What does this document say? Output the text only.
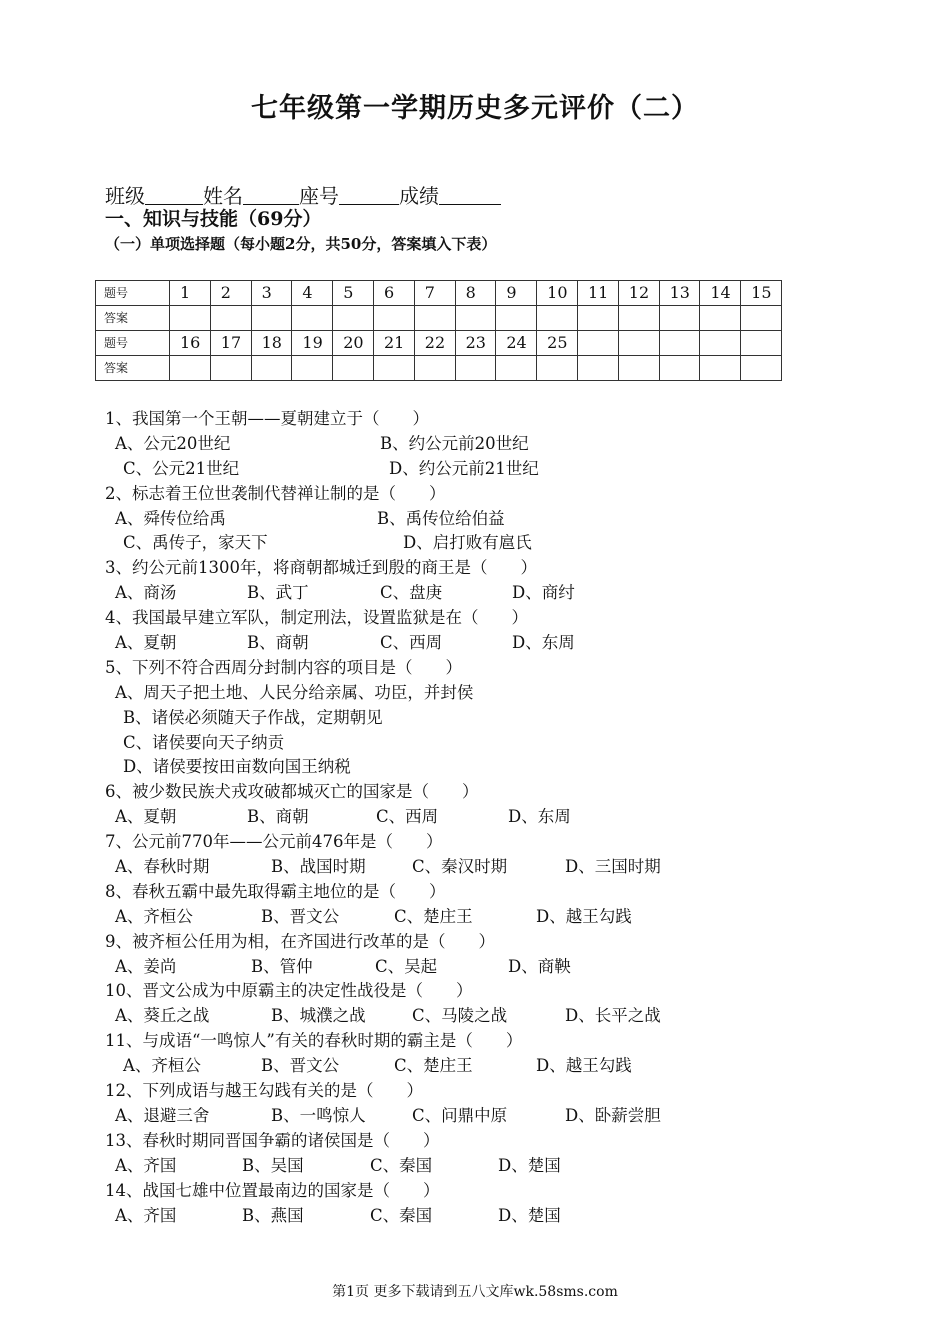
七年级第一学期历史多元评价（二）
班级	姓名	座号	成绩
一、知识与技能（69分）
（一）单项选择题（每小题2分，共50分，答案填入下表）
题号	1	2	3	4	5	6	7	8	9	10	11	12	13	14	15
答案															
题号	16	17	18	19	20	21	22	23	24	25					
答案															
1、我国第一个王朝——夏朝建立于（　　）
A、公元20世纪	B、约公元前20世纪
C、公元21世纪	D、约公元前21世纪
2、标志着王位世袭制代替禅让制的是（　　）
A、舜传位给禹	B、禹传位给伯益
C、禹传子，家天下	D、启打败有扈氏
3、约公元前1300年，将商朝都城迁到殷的商王是（　　）
A、商汤	B、武丁	C、盘庚	D、商纣
4、我国最早建立军队，制定刑法，设置监狱是在（　　）
A、夏朝	B、商朝	C、西周	D、东周
5、下列不符合西周分封制内容的项目是（　　）
A、周天子把土地、人民分给亲属、功臣，并封侯
B、诸侯必须随天子作战，定期朝见
C、诸侯要向天子纳贡
D、诸侯要按田亩数向国王纳税
6、被少数民族犬戎攻破都城灭亡的国家是（　　）
A、夏朝	B、商朝	C、西周	D、东周
7、公元前770年——公元前476年是（　　）
A、春秋时期	B、战国时期	C、秦汉时期	D、三国时期
8、春秋五霸中最先取得霸主地位的是（　　）
A、齐桓公	B、晋文公	C、楚庄王	D、越王勾践
9、被齐桓公任用为相，在齐国进行改革的是（　　）
A、姜尚	B、管仲	C、吴起	D、商鞅
10、晋文公成为中原霸主的决定性战役是（　　）
A、葵丘之战	B、城濮之战	C、马陵之战	D、长平之战
11、与成语“一鸣惊人”有关的春秋时期的霸主是（　　）
A、齐桓公	B、晋文公	C、楚庄王	D、越王勾践
12、下列成语与越王勾践有关的是（　　）
A、退避三舍	B、一鸣惊人	C、问鼎中原	D、卧薪尝胆
13、春秋时期同晋国争霸的诸侯国是（　　）
A、齐国	B、吴国	C、秦国	D、楚国
14、战国七雄中位置最南边的国家是（　　）
A、齐国	B、燕国	C、秦国	D、楚国
第1页 更多下载请到五八文库wk.58sms.com
